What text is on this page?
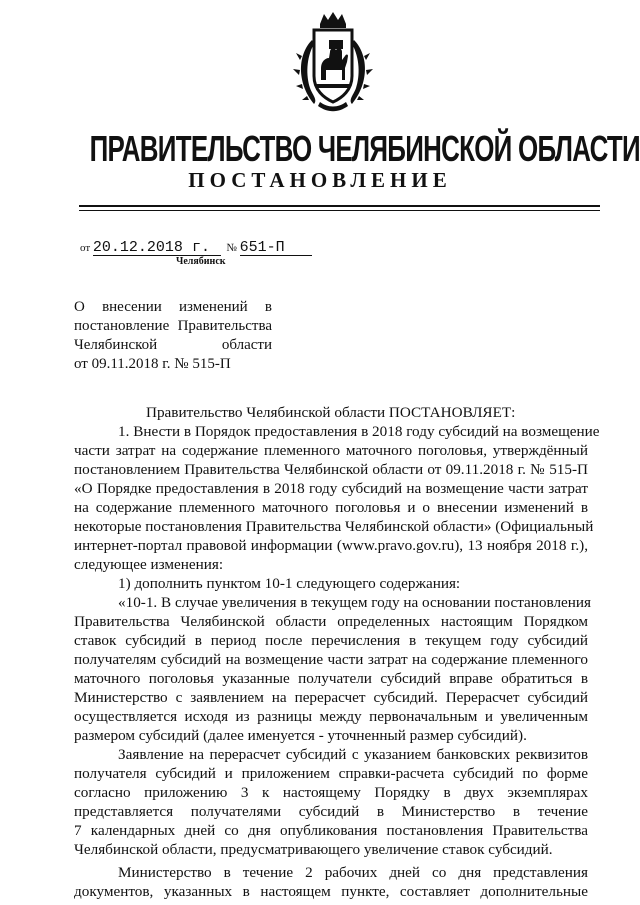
ПРАВИТЕЛЬСТВО ЧЕЛЯБИНСКОЙ ОБЛАСТИ
ПОСТАНОВЛЕНИЕ
от 20.12.2018 г. № 651-П
Челябинск
О внесении изменений в
постановление Правительства
Челябинской области
от 09.11.2018 г. № 515-П
Правительство Челябинской области ПОСТАНОВЛЯЕТ:
1. Внести в Порядок предоставления в 2018 году субсидий на возмещение
части затрат на содержание племенного маточного поголовья, утверждённый
постановлением Правительства Челябинской области от 09.11.2018 г. № 515-П
«О Порядке предоставления в 2018 году субсидий на возмещение части затрат
на содержание племенного маточного поголовья и о внесении изменений в
некоторые постановления Правительства Челябинской области» (Официальный
интернет-портал правовой информации (www.pravo.gov.ru), 13 ноября 2018 г.),
следующее изменения:
1) дополнить пунктом 10-1 следующего содержания:
«10-1. В случае увеличения в текущем году на основании постановления
Правительства Челябинской области определенных настоящим Порядком
ставок субсидий в период после перечисления в текущем году субсидий
получателям субсидий на возмещение части затрат на содержание племенного
маточного поголовья указанные получатели субсидий вправе обратиться в
Министерство с заявлением на перерасчет субсидий. Перерасчет субсидий
осуществляется исходя из разницы между первоначальным и увеличенным
размером субсидий (далее именуется - уточненный размер субсидий).
Заявление на перерасчет субсидий с указанием банковских реквизитов
получателя субсидий и приложением справки-расчета субсидий по форме
согласно приложению 3 к настоящему Порядку в двух экземплярах
представляется получателями субсидий в Министерство в течение
7 календарных дней со дня опубликования постановления Правительства
Челябинской области, предусматривающего увеличение ставок субсидий.
Министерство в течение 2 рабочих дней со дня представления
документов, указанных в настоящем пункте, составляет дополнительные
